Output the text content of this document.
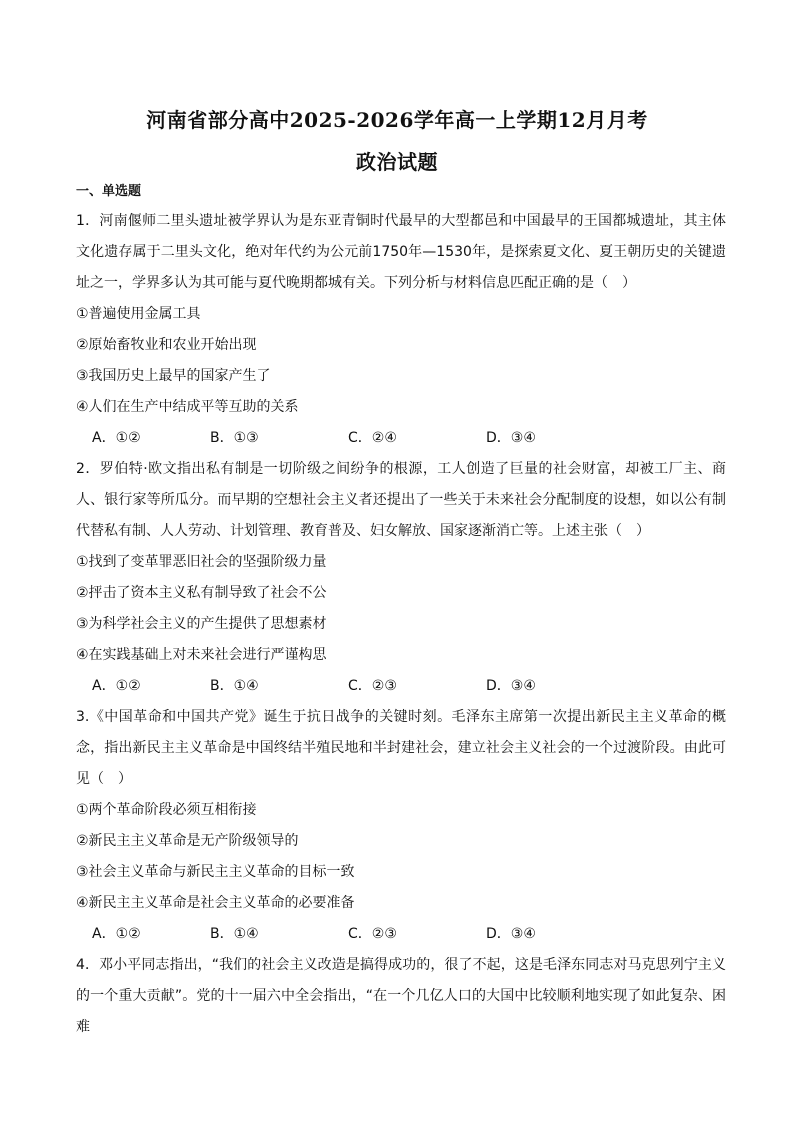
河南省部分高中2025-2026学年高一上学期12月月考
政治试题
一、单选题
1．河南偃师二里头遗址被学界认为是东亚青铜时代最早的大型都邑和中国最早的王国都城遗址，其主体文化遗存属于二里头文化，绝对年代约为公元前1750年—1530年，是探索夏文化、夏王朝历史的关键遗址之一，学界多认为其可能与夏代晚期都城有关。下列分析与材料信息匹配正确的是（　）
①普遍使用金属工具
②原始畜牧业和农业开始出现
③我国历史上最早的国家产生了
④人们在生产中结成平等互助的关系
A．①②	B．①③	C．②④	D．③④
2．罗伯特·欧文指出私有制是一切阶级之间纷争的根源，工人创造了巨量的社会财富，却被工厂主、商人、银行家等所瓜分。而早期的空想社会主义者还提出了一些关于未来社会分配制度的设想，如以公有制代替私有制、人人劳动、计划管理、教育普及、妇女解放、国家逐渐消亡等。上述主张（　）
①找到了变革罪恶旧社会的坚强阶级力量
②抨击了资本主义私有制导致了社会不公
③为科学社会主义的产生提供了思想素材
④在实践基础上对未来社会进行严谨构思
A．①②	B．①④	C．②③	D．③④
3.《中国革命和中国共产党》诞生于抗日战争的关键时刻。毛泽东主席第一次提出新民主主义革命的概念，指出新民主主义革命是中国终结半殖民地和半封建社会，建立社会主义社会的一个过渡阶段。由此可见（　）
①两个革命阶段必须互相衔接
②新民主主义革命是无产阶级领导的
③社会主义革命与新民主主义革命的目标一致
④新民主主义革命是社会主义革命的必要准备
A．①②	B．①④	C．②③	D．③④
4．邓小平同志指出，“我们的社会主义改造是搞得成功的，很了不起，这是毛泽东同志对马克思列宁主义的一个重大贡献”。党的十一届六中全会指出，“在一个几亿人口的大国中比较顺利地实现了如此复杂、困难
